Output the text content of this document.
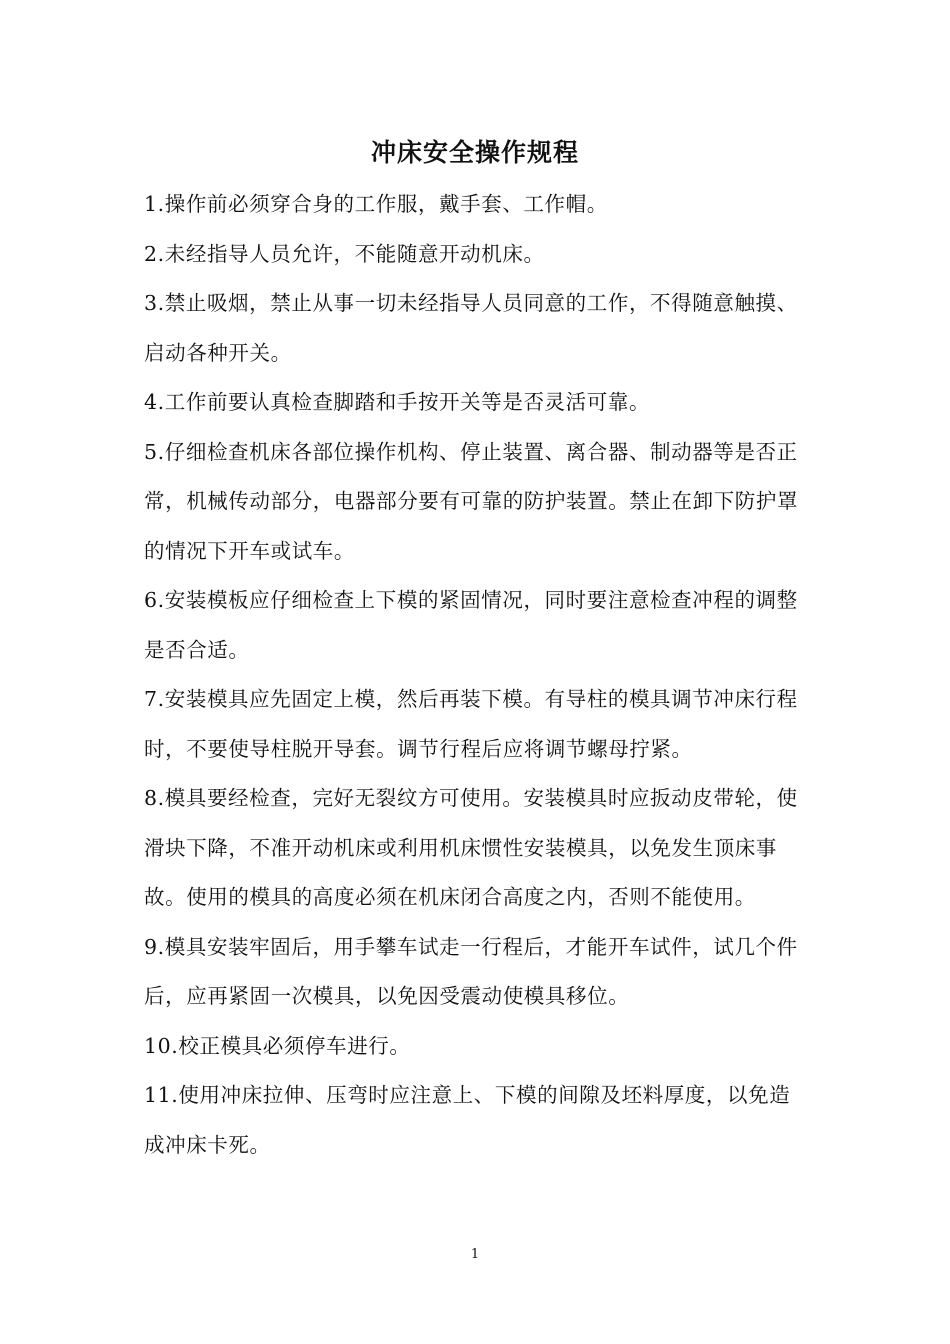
冲床安全操作规程

1.操作前必须穿合身的工作服，戴手套、工作帽。

2.未经指导人员允许，不能随意开动机床。

3.禁止吸烟，禁止从事一切未经指导人员同意的工作，不得随意触摸、启动各种开关。

4.工作前要认真检查脚踏和手按开关等是否灵活可靠。

5.仔细检查机床各部位操作机构、停止装置、离合器、制动器等是否正常，机械传动部分，电器部分要有可靠的防护装置。禁止在卸下防护罩的情况下开车或试车。

6.安装模板应仔细检查上下模的紧固情况，同时要注意检查冲程的调整是否合适。

7.安装模具应先固定上模，然后再装下模。有导柱的模具调节冲床行程时，不要使导柱脱开导套。调节行程后应将调节螺母拧紧。

8.模具要经检查，完好无裂纹方可使用。安装模具时应扳动皮带轮，使滑块下降，不准开动机床或利用机床惯性安装模具，以免发生顶床事故。使用的模具的高度必须在机床闭合高度之内，否则不能使用。

9.模具安装牢固后，用手攀车试走一行程后，才能开车试件，试几个件后，应再紧固一次模具，以免因受震动使模具移位。

10.校正模具必须停车进行。

11.使用冲床拉伸、压弯时应注意上、下模的间隙及坯料厚度，以免造成冲床卡死。

1
